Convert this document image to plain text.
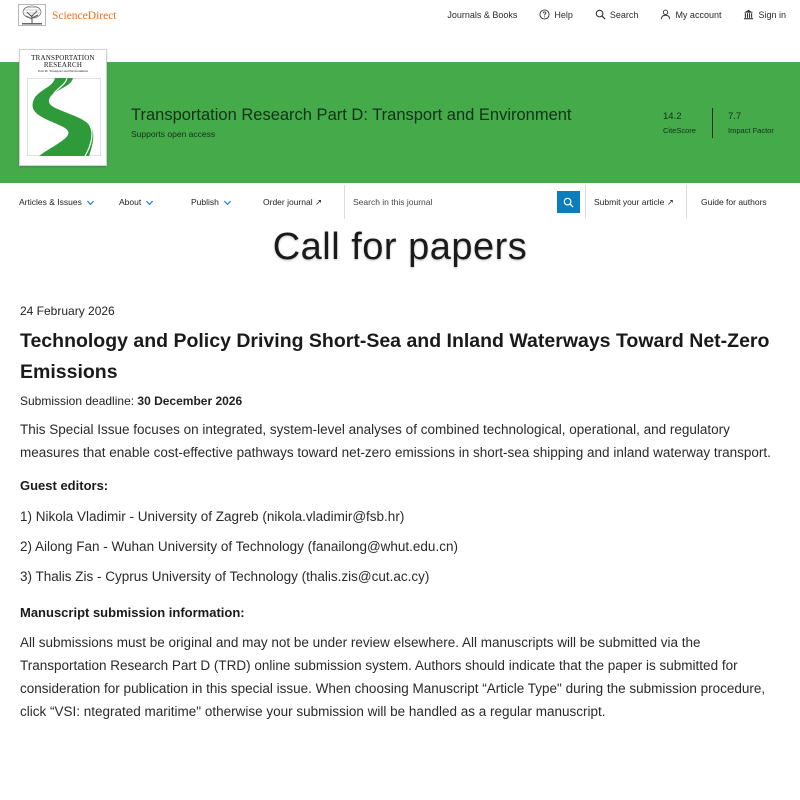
ScienceDirect	Journals & Books	Help	Search	My account	Sign in
TRANSPORTATION
RESEARCH
Part D: Transport and Environment
Transportation Research Part D: Transport and Environment
Supports open access
14.2
CiteScore
7.7
Impact Factor
Articles & Issues	About	Publish	Order journal ↗
Search in this journal	Submit your article ↗	Guide for authors
Call for papers
24 February 2026
Technology and Policy Driving Short-Sea and Inland Waterways Toward Net-Zero Emissions
Submission deadline: 30 December 2026

This Special Issue focuses on integrated, system-level analyses of combined technological, operational, and regulatory measures that enable cost-effective pathways toward net-zero emissions in short-sea shipping and inland waterway transport.

Guest editors:
1) Nikola Vladimir - University of Zagreb (nikola.vladimir@fsb.hr)
2) Ailong Fan - Wuhan University of Technology (fanailong@whut.edu.cn)
3) Thalis Zis - Cyprus University of Technology (thalis.zis@cut.ac.cy)
Manuscript submission information:

All submissions must be original and may not be under review elsewhere. All manuscripts will be submitted via the Transportation Research Part D (TRD) online submission system. Authors should indicate that the paper is submitted for consideration for publication in this special issue. When choosing Manuscript “Article Type" during the submission procedure, click “VSI: ntegrated maritime" otherwise your submission will be handled as a regular manuscript.
